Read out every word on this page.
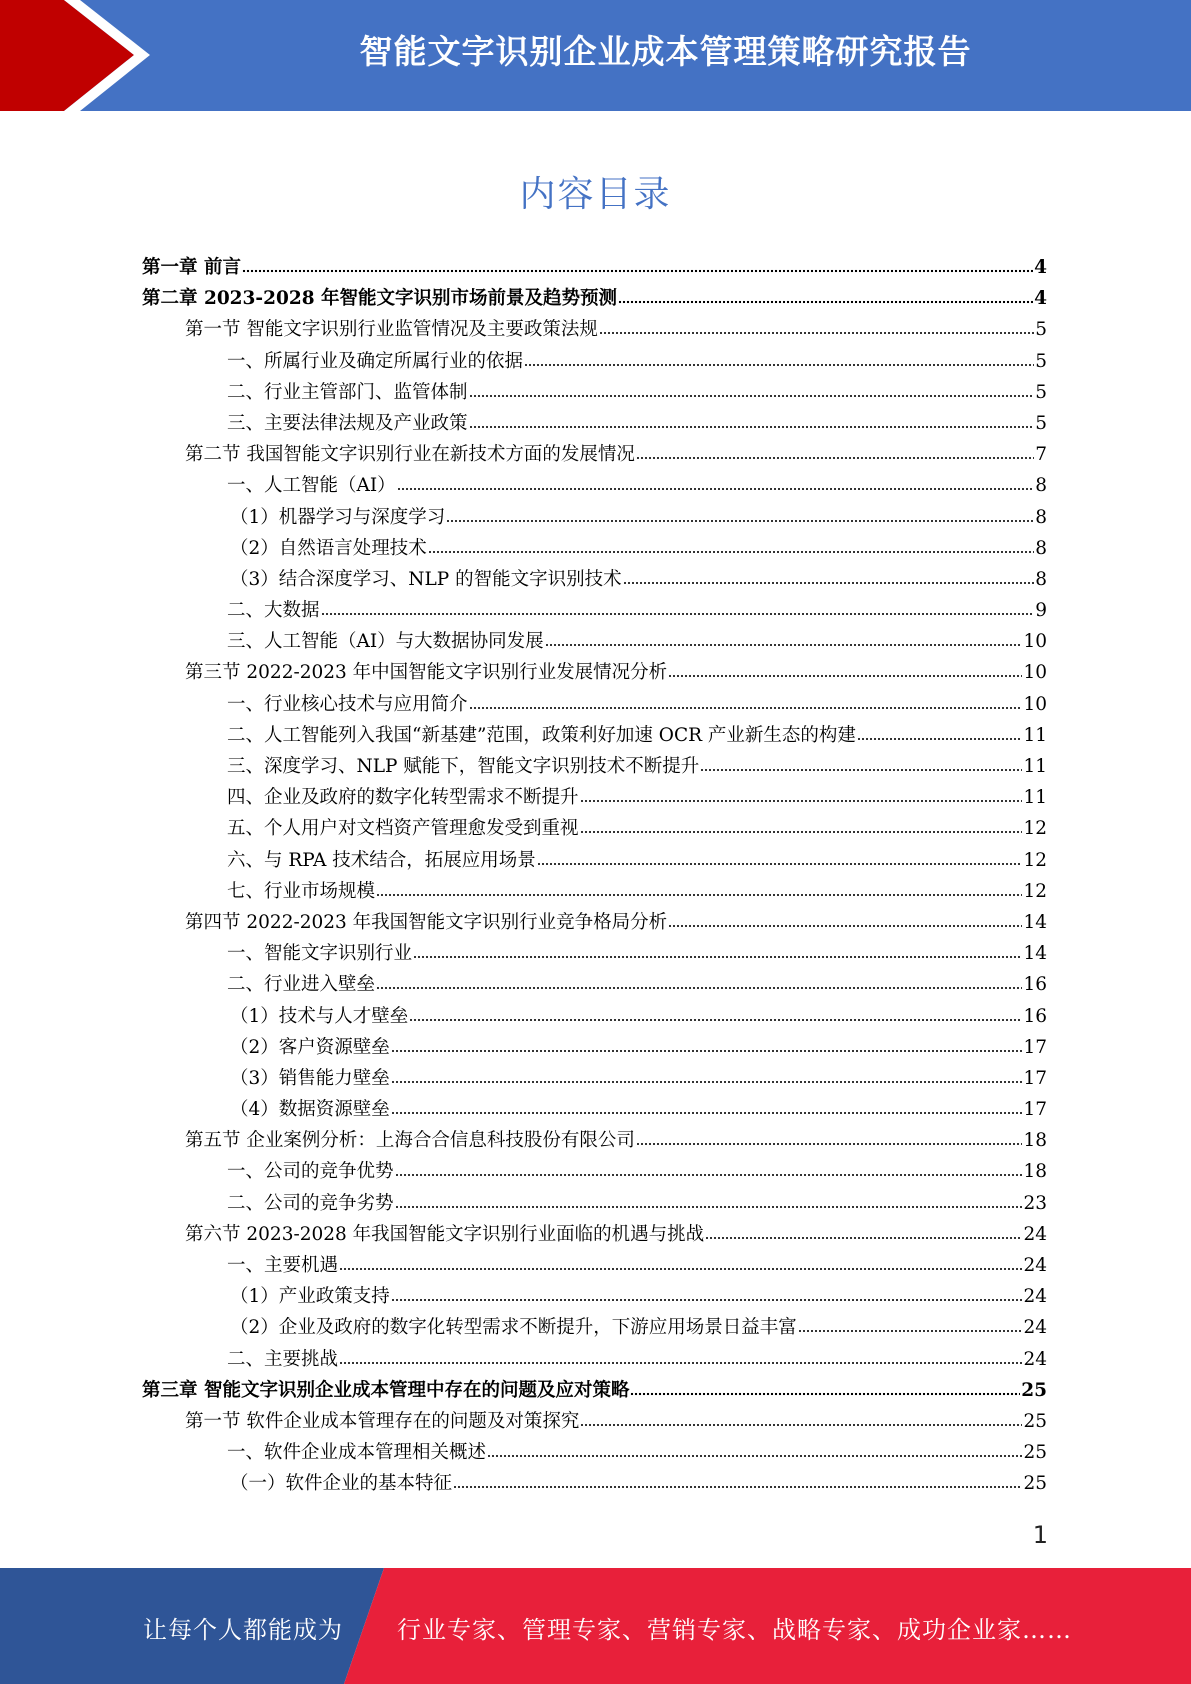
智能文字识别企业成本管理策略研究报告
内容目录
第一章 前言	4
第二章 2023-2028 年智能文字识别市场前景及趋势预测	4
第一节 智能文字识别行业监管情况及主要政策法规	5
一、所属行业及确定所属行业的依据	5
二、行业主管部门、监管体制	5
三、主要法律法规及产业政策	5
第二节 我国智能文字识别行业在新技术方面的发展情况	7
一、人工智能（AI）	8
（1）机器学习与深度学习	8
（2）自然语言处理技术	8
（3）结合深度学习、NLP 的智能文字识别技术	8
二、大数据	9
三、人工智能（AI）与大数据协同发展	10
第三节 2022-2023 年中国智能文字识别行业发展情况分析	10
一、行业核心技术与应用简介	10
二、人工智能列入我国“新基建”范围，政策利好加速 OCR 产业新生态的构建	11
三、深度学习、NLP 赋能下，智能文字识别技术不断提升	11
四、企业及政府的数字化转型需求不断提升	11
五、个人用户对文档资产管理愈发受到重视	12
六、与 RPA 技术结合，拓展应用场景	12
七、行业市场规模	12
第四节 2022-2023 年我国智能文字识别行业竞争格局分析	14
一、智能文字识别行业	14
二、行业进入壁垒	16
（1）技术与人才壁垒	16
（2）客户资源壁垒	17
（3）销售能力壁垒	17
（4）数据资源壁垒	17
第五节 企业案例分析：上海合合信息科技股份有限公司	18
一、公司的竞争优势	18
二、公司的竞争劣势	23
第六节 2023-2028 年我国智能文字识别行业面临的机遇与挑战	24
一、主要机遇	24
（1）产业政策支持	24
（2）企业及政府的数字化转型需求不断提升，下游应用场景日益丰富	24
二、主要挑战	24
第三章 智能文字识别企业成本管理中存在的问题及应对策略	25
第一节 软件企业成本管理存在的问题及对策探究	25
一、软件企业成本管理相关概述	25
（一）软件企业的基本特征	25
1
让每个人都能成为 行业专家、管理专家、营销专家、战略专家、成功企业家……
